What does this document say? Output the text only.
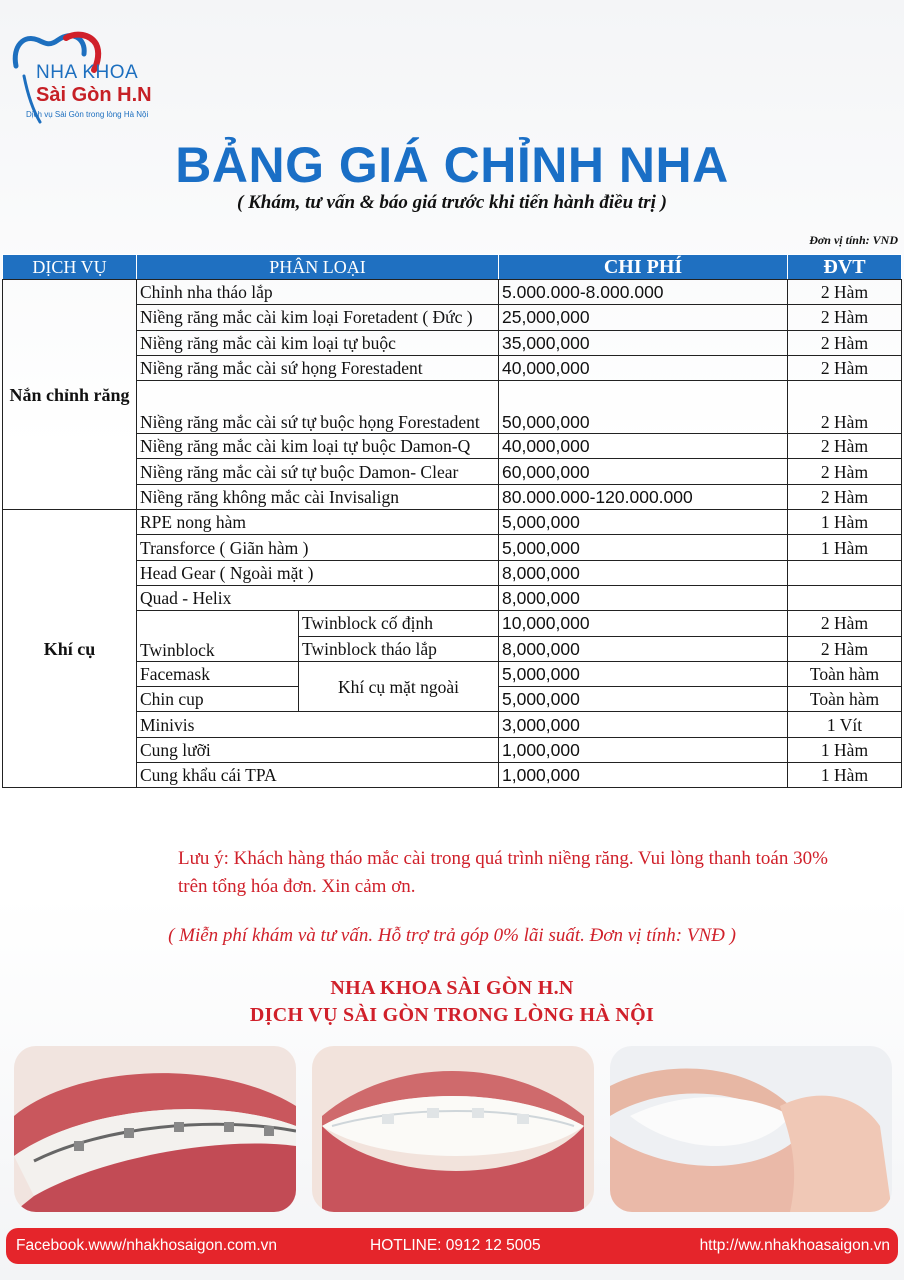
NHA KHOA
Sài Gòn H.N
Dịch vụ Sài Gòn trong lòng Hà Nội
BẢNG GIÁ CHỈNH NHA
( Khám, tư vấn & báo giá trước khi tiến hành điều trị )
Đơn vị tính: VND
DỊCH VỤ	PHÂN LOẠI		CHI PHÍ	ĐVT
Nắn chỉnh răng	Chỉnh nha tháo lắp		5.000.000-8.000.000	2 Hàm
	Niềng răng mắc cài kim loại Foretadent ( Đức )		25,000,000	2 Hàm
	Niềng răng mắc cài kim loại tự buộc		35,000,000	2 Hàm
	Niềng răng mắc cài sứ họng Forestadent		40,000,000	2 Hàm
	Niềng răng mắc cài sứ tự buộc họng Forestadent		50,000,000	2 Hàm
	Niềng răng mắc cài kim loại tự buộc Damon-Q		40,000,000	2 Hàm
	Niềng răng mắc cài sứ tự buộc Damon- Clear		60,000,000	2 Hàm
	Niềng răng không mắc cài Invisalign		80.000.000-120.000.000	2 Hàm
Khí cụ	RPE nong hàm		5,000,000	1 Hàm
	Transforce ( Giãn hàm )		5,000,000	1 Hàm
	Head Gear ( Ngoài mặt )		8,000,000	
	Quad - Helix		8,000,000	
	Twinblock	Twinblock cố định	10,000,000	2 Hàm
		Twinblock tháo lắp	8,000,000	2 Hàm
	Facemask	Khí cụ mặt ngoài	5,000,000	Toàn hàm
	Chin cup		5,000,000	Toàn hàm
	Minivis		3,000,000	1 Vít
	Cung lưỡi		1,000,000	1 Hàm
	Cung khẩu cái TPA		1,000,000	1 Hàm
Lưu ý: Khách hàng tháo mắc cài trong quá trình niềng răng. Vui lòng thanh toán 30% trên tổng hóa đơn. Xin cảm ơn.
( Miễn phí khám và tư vấn. Hỗ trợ trả góp 0% lãi suất. Đơn vị tính: VNĐ )
NHA KHOA SÀI GÒN H.N
DỊCH VỤ SÀI GÒN TRONG LÒNG HÀ NỘI
Facebook.www/nhakhosaigon.com.vn	HOTLINE: 0912 12 5005	http://ww.nhakhoasaigon.vn
